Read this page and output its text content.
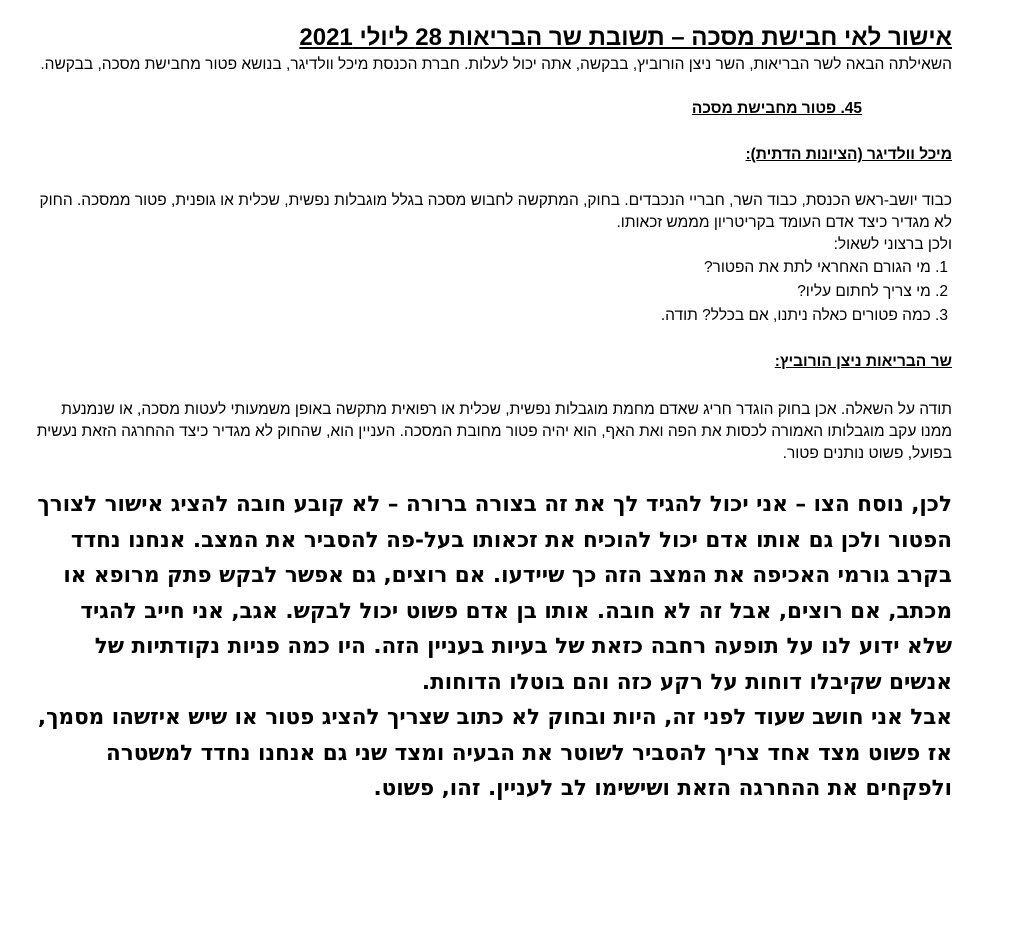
אישור לאי חבישת מסכה – תשובת שר הבריאות 28 ליולי 2021

השאילתה הבאה לשר הבריאות, השר ניצן הורוביץ, בבקשה, אתה יכול לעלות. חברת הכנסת מיכל וולדיגר, בנושא פטור מחבישת מסכה, בבקשה.

45. פטור מחבישת מסכה

מיכל וולדיגר (הציונות הדתית):

כבוד יושב-ראש הכנסת, כבוד השר, חבריי הנכבדים. בחוק, המתקשה לחבוש מסכה בגלל מוגבלות נפשית, שכלית או גופנית, פטור ממסכה. החוק לא מגדיר כיצד אדם העומד בקריטריון מממש זכאותו.

ולכן ברצוני לשאול:

1. מי הגורם האחראי לתת את הפטור?
2. מי צריך לחתום עליו?
3. כמה פטורים כאלה ניתנו, אם בכלל? תודה.

שר הבריאות ניצן הורוביץ:

תודה על השאלה. אכן בחוק הוגדר חריג שאדם מחמת מוגבלות נפשית, שכלית או רפואית מתקשה באופן משמעותי לעטות מסכה, או שנמנעת ממנו עקב מוגבלותו האמורה לכסות את הפה ואת האף, הוא יהיה פטור מחובת המסכה. העניין הוא, שהחוק לא מגדיר כיצד ההחרגה הזאת נעשית בפועל, פשוט נותנים פטור.

לכן, נוסח הצו – אני יכול להגיד לך את זה בצורה ברורה – לא קובע חובה להציג אישור לצורך הפטור ולכן גם אותו אדם יכול להוכיח את זכאותו בעל-פה להסביר את המצב. אנחנו נחדד בקרב גורמי האכיפה את המצב הזה כך שיידעו. אם רוצים, גם אפשר לבקש פתק מרופא או מכתב, אם רוצים, אבל זה לא חובה. אותו בן אדם פשוט יכול לבקש. אגב, אני חייב להגיד שלא ידוע לנו על תופעה רחבה כזאת של בעיות בעניין הזה. היו כמה פניות נקודתיות של אנשים שקיבלו דוחות על רקע כזה והם בוטלו הדוחות.

אבל אני חושב שעוד לפני זה, היות ובחוק לא כתוב שצריך להציג פטור או שיש איזשהו מסמך, אז פשוט מצד אחד צריך להסביר לשוטר את הבעיה ומצד שני גם אנחנו נחדד למשטרה ולפקחים את ההחרגה הזאת ושישימו לב לעניין. זהו, פשוט.
